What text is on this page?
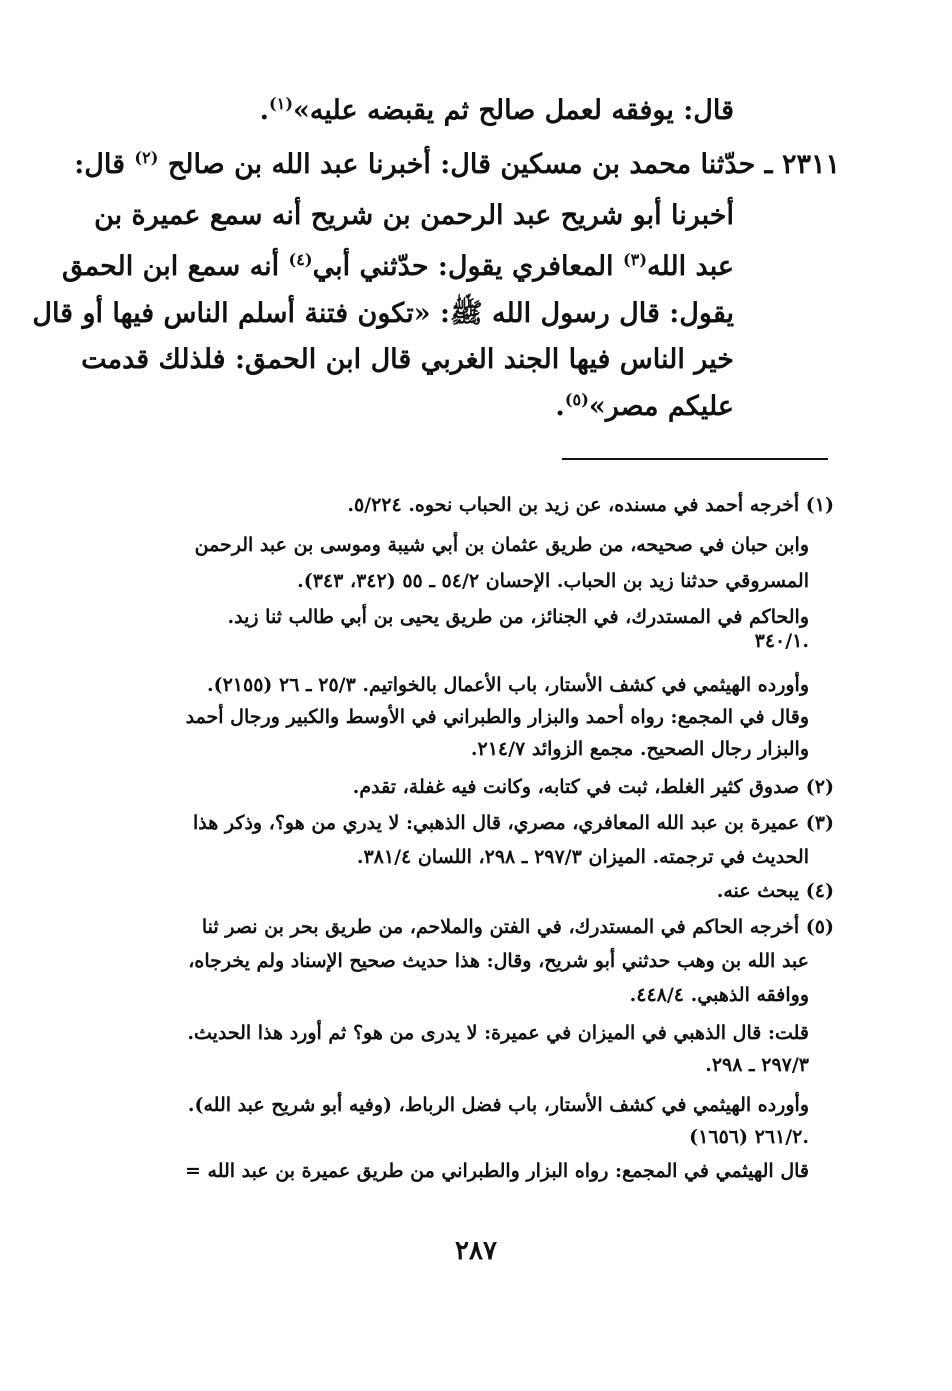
قال: يوفقه لعمل صالح ثم يقبضه عليه»$^{(١)}$.
٢٣١١ ـ حدّثنا محمد بن مسكين قال: أخبرنا عبد الله بن صالح $^{(٢)}$ قال:
أخبرنا أبو شريح عبد الرحمن بن شريح أنه سمع عميرة بن
عبد الله$^{(٣)}$ المعافري يقول: حدّثني أبي$^{(٤)}$ أنه سمع ابن الحمق
يقول: قال رسول الله ﷺ: «تكون فتنة أسلم الناس فيها أو قال
خير الناس فيها الجند الغربي قال ابن الحمق: فلذلك قدمت
عليكم مصر»$^{(٥)}$.
(١) أخرجه أحمد في مسنده، عن زيد بن الحباب نحوه. ٥/٢٢٤.
وابن حبان في صحيحه، من طريق عثمان بن أبي شيبة وموسى بن عبد الرحمن
المسروقي حدثنا زيد بن الحباب. الإحسان ٥٤/٢ ـ ٥٥ (٣٤٢، ٣٤٣).
والحاكم في المستدرك، في الجنائز، من طريق يحيى بن أبي طالب ثنا زيد.
٣٤٠/١.
وأورده الهيثمي في كشف الأستار، باب الأعمال بالخواتيم. ٢٥/٣ ـ ٢٦ (٢١٥٥).
وقال في المجمع: رواه أحمد والبزار والطبراني في الأوسط والكبير ورجال أحمد
والبزار رجال الصحيح. مجمع الزوائد ٢١٤/٧.
(٢) صدوق كثير الغلط، ثبت في كتابه، وكانت فيه غفلة، تقدم.
(٣) عميرة بن عبد الله المعافري، مصري، قال الذهبي: لا يدري من هو؟، وذكر هذا
الحديث في ترجمته. الميزان ٢٩٧/٣ ـ ٢٩٨، اللسان ٣٨١/٤.
(٤) يبحث عنه.
(٥) أخرجه الحاكم في المستدرك، في الفتن والملاحم، من طريق بحر بن نصر ثنا
عبد الله بن وهب حدثني أبو شريح، وقال: هذا حديث صحيح الإسناد ولم يخرجاه،
ووافقه الذهبي. ٤٤٨/٤.
قلت: قال الذهبي في الميزان في عميرة: لا يدرى من هو؟ ثم أورد هذا الحديث.
٢٩٧/٣ ـ ٢٩٨.
وأورده الهيثمي في كشف الأستار، باب فضل الرباط، (وفيه أبو شريح عبد الله).
٢٦١/٢ (١٦٥٦).
قال الهيثمي في المجمع: رواه البزار والطبراني من طريق عميرة بن عبد الله =
٢٨٧
